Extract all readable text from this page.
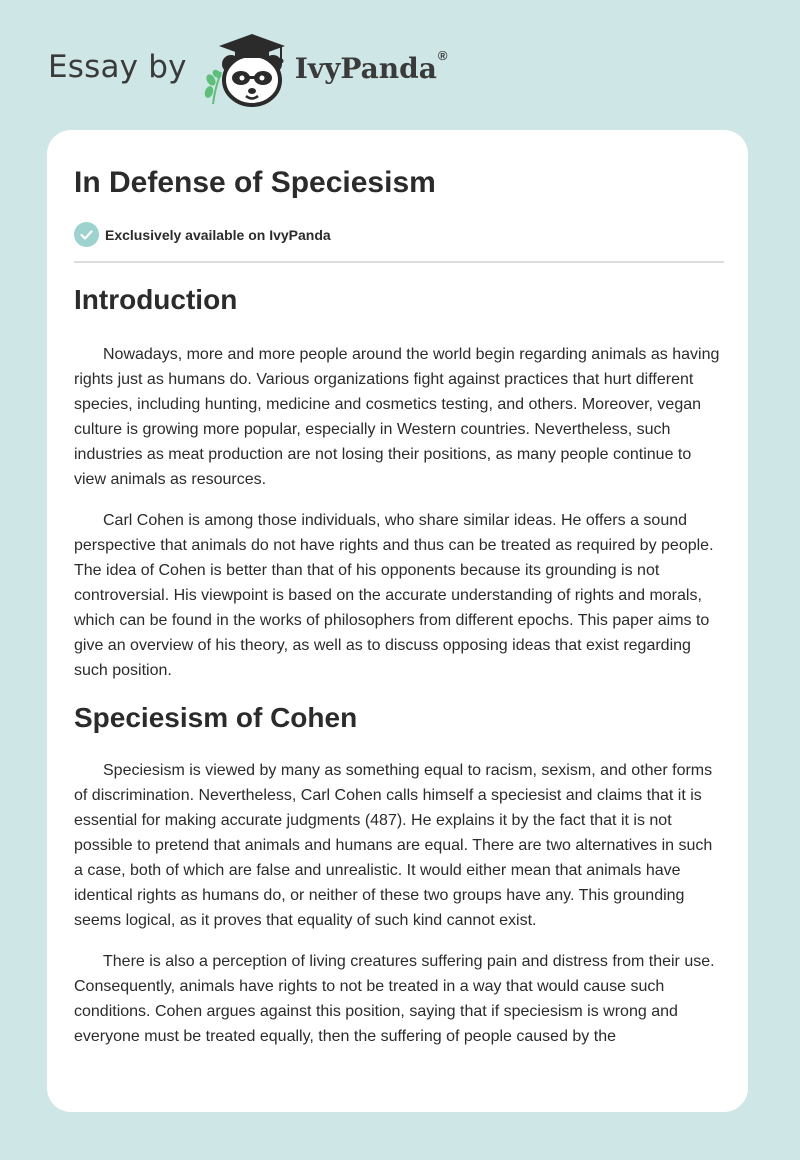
Essay by	IvyPanda®
In Defense of Speciesism
Exclusively available on IvyPanda
Introduction

Nowadays, more and more people around the world begin regarding animals as having rights just as humans do. Various organizations fight against practices that hurt different species, including hunting, medicine and cosmetics testing, and others. Moreover, vegan culture is growing more popular, especially in Western countries. Nevertheless, such industries as meat production are not losing their positions, as many people continue to view animals as resources.

Carl Cohen is among those individuals, who share similar ideas. He offers a sound perspective that animals do not have rights and thus can be treated as required by people. The idea of Cohen is better than that of his opponents because its grounding is not controversial. His viewpoint is based on the accurate understanding of rights and morals, which can be found in the works of philosophers from different epochs. This paper aims to give an overview of his theory, as well as to discuss opposing ideas that exist regarding such position.

Speciesism of Cohen

Speciesism is viewed by many as something equal to racism, sexism, and other forms of discrimination. Nevertheless, Carl Cohen calls himself a speciesist and claims that it is essential for making accurate judgments (487). He explains it by the fact that it is not possible to pretend that animals and humans are equal. There are two alternatives in such a case, both of which are false and unrealistic. It would either mean that animals have identical rights as humans do, or neither of these two groups have any. This grounding seems logical, as it proves that equality of such kind cannot exist.

There is also a perception of living creatures suffering pain and distress from their use. Consequently, animals have rights to not be treated in a way that would cause such conditions. Cohen argues against this position, saying that if speciesism is wrong and everyone must be treated equally, then the suffering of people caused by the
